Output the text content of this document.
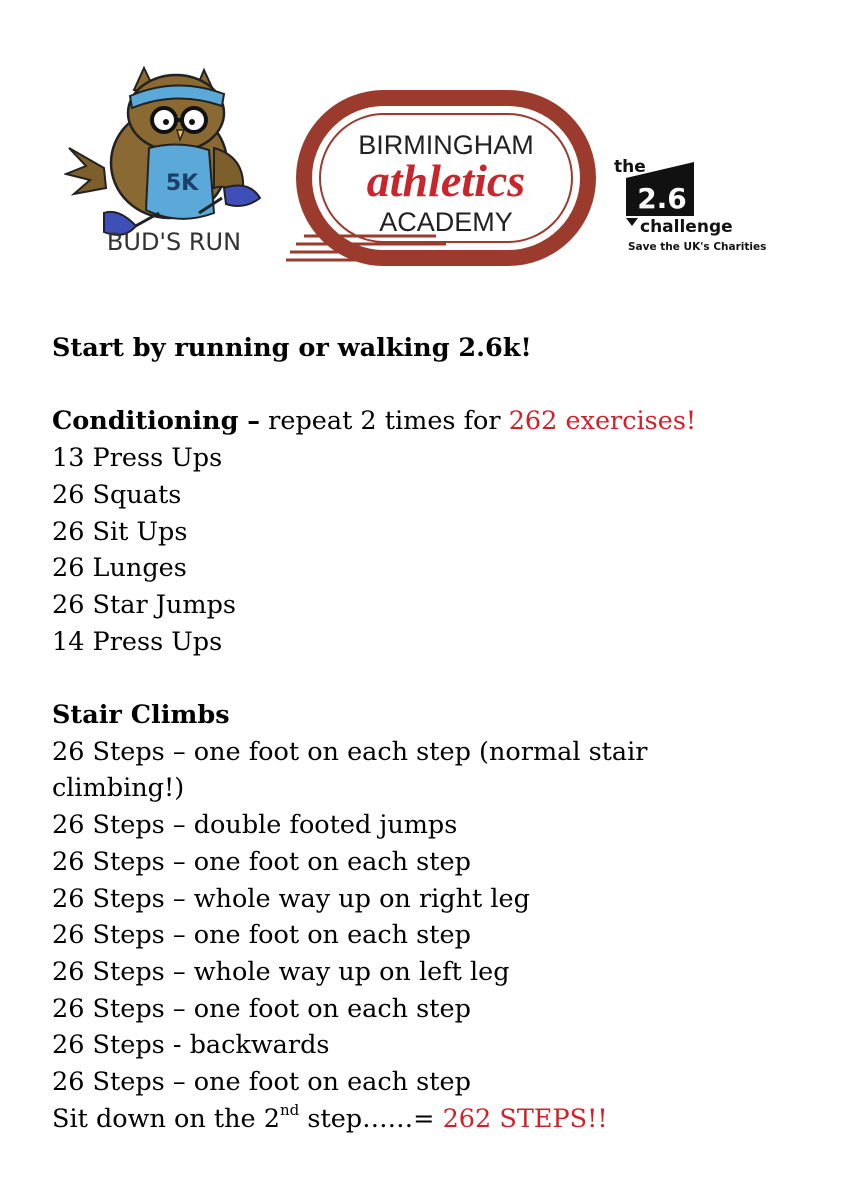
5K
BUD'S RUN
BIRMINGHAM
athletics
ACADEMY
the
2.6
challenge
Save the UK's Charities
Start by running or walking 2.6k!
Conditioning – repeat 2 times for 262 exercises!
13 Press Ups
26 Squats
26 Sit Ups
26 Lunges
26 Star Jumps
14 Press Ups
Stair Climbs
26 Steps – one foot on each step (normal stair climbing!)
26 Steps – double footed jumps
26 Steps – one foot on each step
26 Steps – whole way up on right leg
26 Steps – one foot on each step
26 Steps – whole way up on left leg
26 Steps – one foot on each step
26 Steps - backwards
26 Steps – one foot on each step
Sit down on the 2nd step……= 262 STEPS!!
